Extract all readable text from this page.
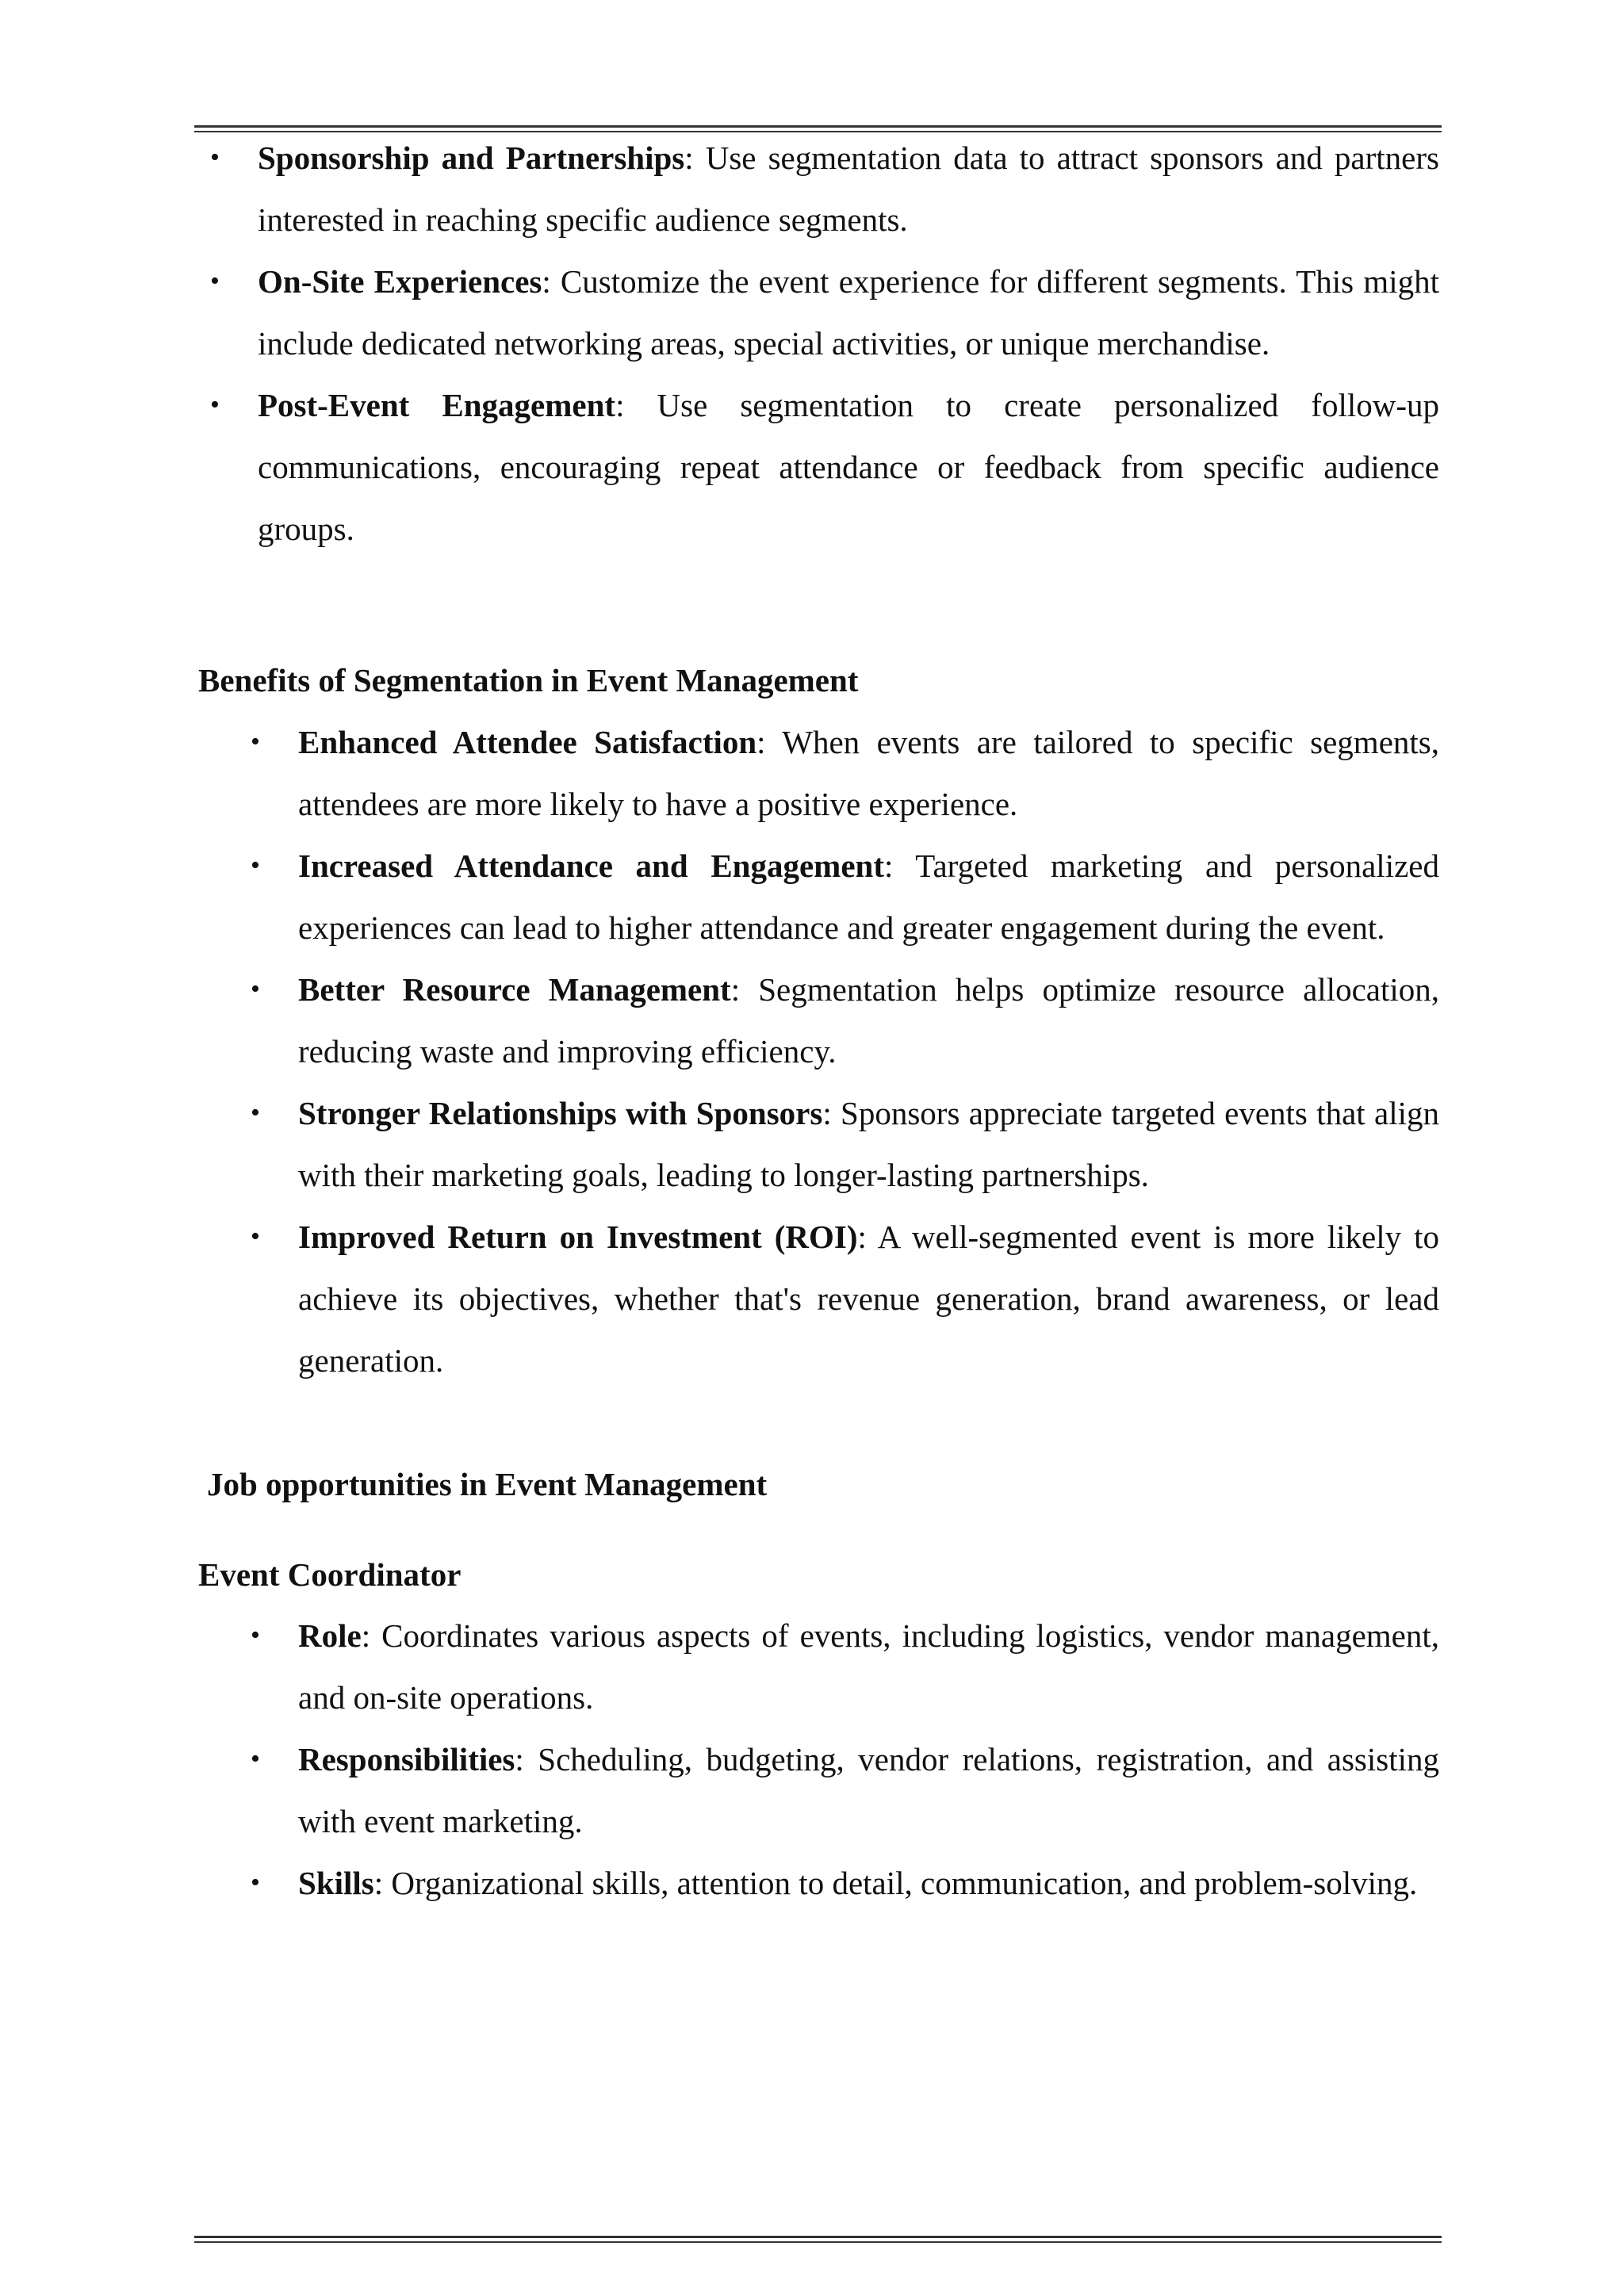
• Sponsorship and Partnerships: Use segmentation data to attract sponsors and partners interested in reaching specific audience segments.
• On-Site Experiences: Customize the event experience for different segments. This might include dedicated networking areas, special activities, or unique merchandise.
• Post-Event Engagement: Use segmentation to create personalized follow-up communications, encouraging repeat attendance or feedback from specific audience groups.
Benefits of Segmentation in Event Management
• Enhanced Attendee Satisfaction: When events are tailored to specific segments, attendees are more likely to have a positive experience.
• Increased Attendance and Engagement: Targeted marketing and personalized experiences can lead to higher attendance and greater engagement during the event.
• Better Resource Management: Segmentation helps optimize resource allocation, reducing waste and improving efficiency.
• Stronger Relationships with Sponsors: Sponsors appreciate targeted events that align with their marketing goals, leading to longer-lasting partnerships.
• Improved Return on Investment (ROI): A well-segmented event is more likely to achieve its objectives, whether that's revenue generation, brand awareness, or lead generation.
Job opportunities in Event Management
Event Coordinator
• Role: Coordinates various aspects of events, including logistics, vendor management, and on-site operations.
• Responsibilities: Scheduling, budgeting, vendor relations, registration, and assisting with event marketing.
• Skills: Organizational skills, attention to detail, communication, and problem-solving.
